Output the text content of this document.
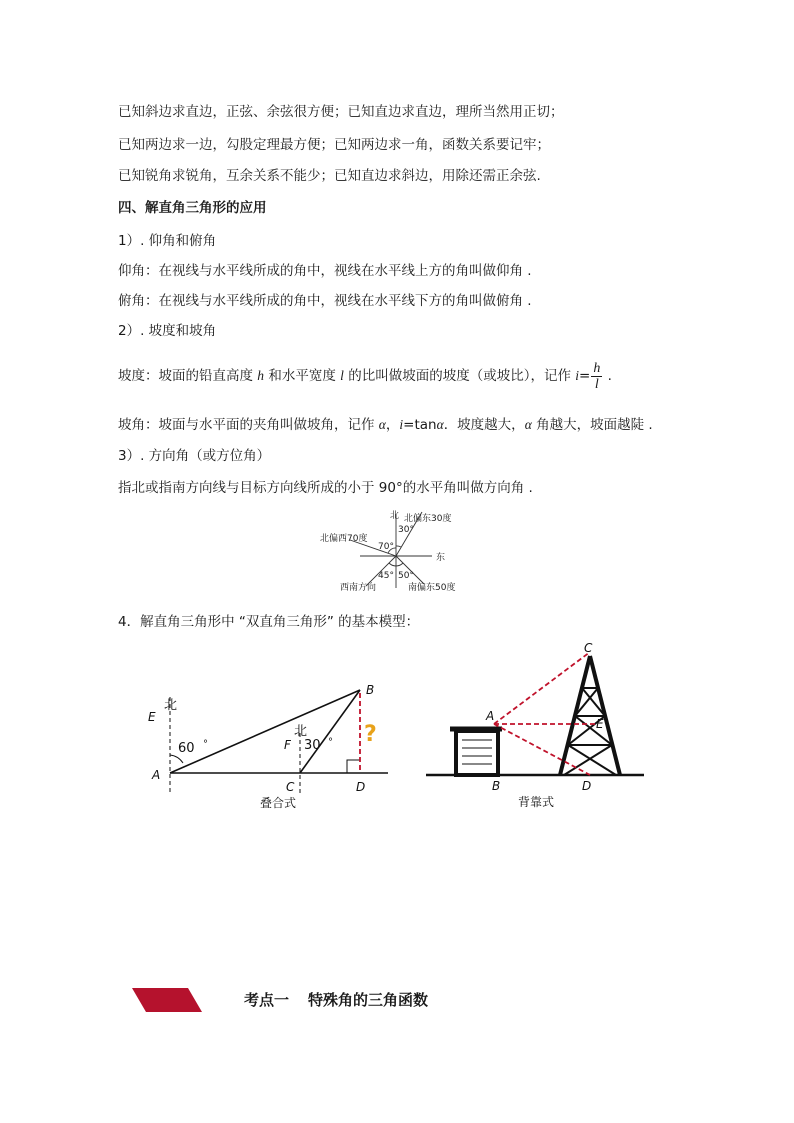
已知斜边求直边，正弦、余弦很方便；已知直边求直边，理所当然用正切；
已知两边求一边，勾股定理最方便；已知两边求一角，函数关系要记牢；
已知锐角求锐角，互余关系不能少；已知直边求斜边，用除还需正余弦.
四、解直角三角形的应用
1）. 仰角和俯角
仰角：在视线与水平线所成的角中，视线在水平线上方的角叫做仰角 .
俯角：在视线与水平线所成的角中，视线在水平线下方的角叫做俯角 .
2）. 坡度和坡角
坡度：坡面的铅直高度 h 和水平宽度 l 的比叫做坡面的坡度（或坡比），记作 $i= \frac{h}{l}$ .
坡角：坡面与水平面的夹角叫做坡角，记作 α，i=tanα．坡度越大，α 角越大，坡面越陡 .
3）. 方向角（或方位角）
指北或指南方向线与目标方向线所成的小于 90°的水平角叫做方向角 .
北
东
北偏东30度
北偏西70度
西南方向	南偏东50度
30°
70°
45° 50°
4．解直角三角形中 “双直角三角形” 的基本模型：
北
北
60 °	30 °
E
A
B
C	D
F	?
叠合式
A
B
C
D
E
背靠式
考点一 特殊角的三角函数
